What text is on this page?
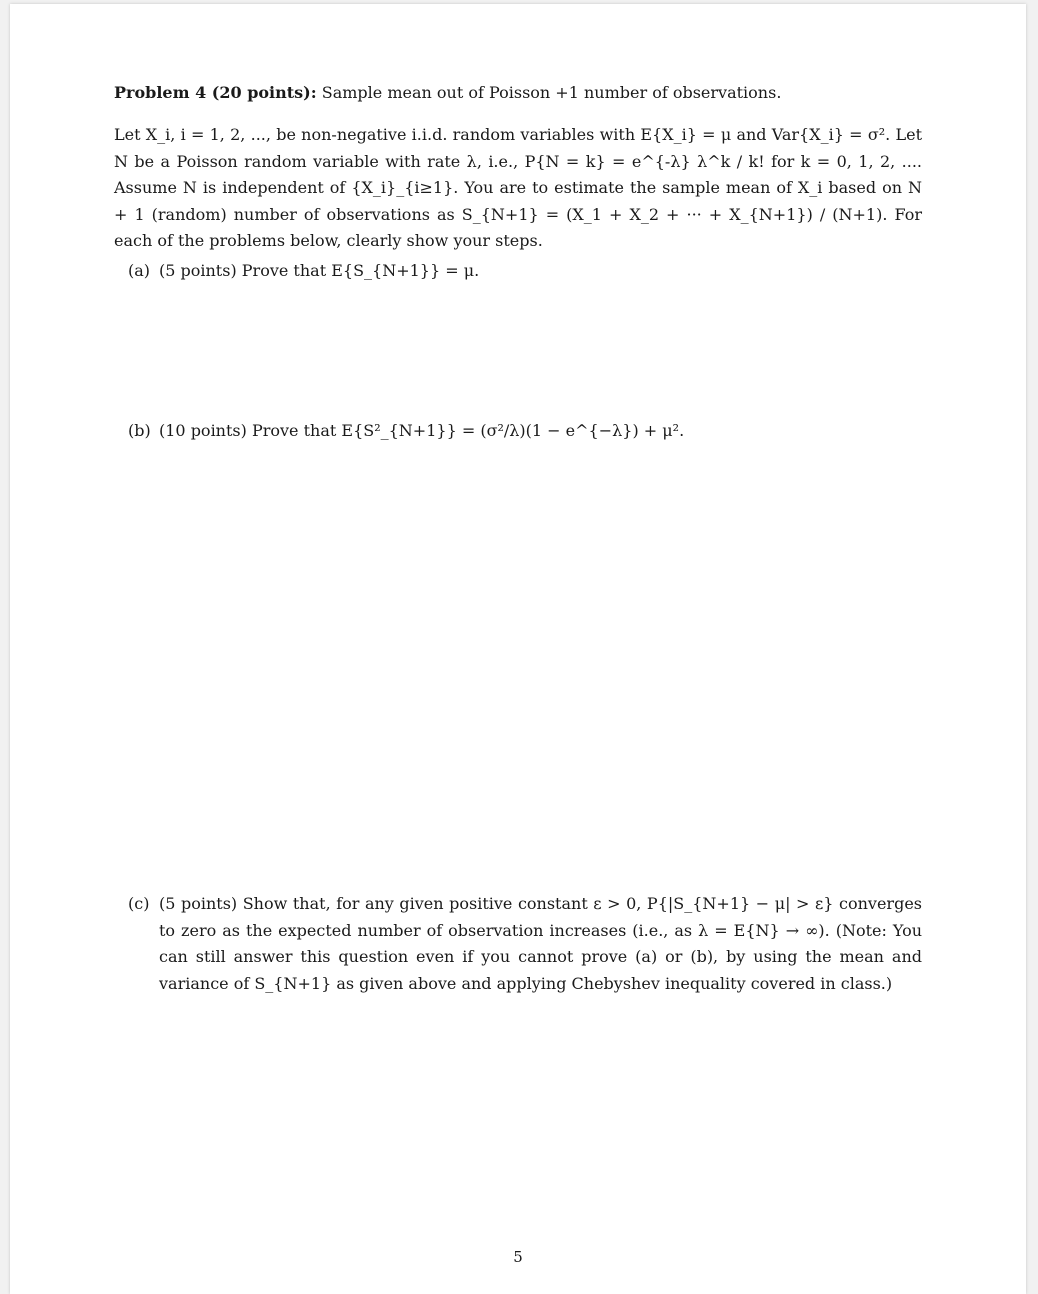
Problem 4 (20 points): Sample mean out of Poisson +1 number of observations.
Let X_i, i = 1, 2, ..., be non-negative i.i.d. random variables with E{X_i} = μ and Var{X_i} = σ². Let N be a Poisson random variable with rate λ, i.e., P{N = k} = e^{-λ} λ^k / k! for k = 0, 1, 2, .... Assume N is independent of {X_i}_{i≥1}. You are to estimate the sample mean of X_i based on N + 1 (random) number of observations as S_{N+1} = (X_1 + X_2 + ··· + X_{N+1}) / (N+1). For each of the problems below, clearly show your steps.
(a) (5 points) Prove that E{S_{N+1}} = μ.
(b) (10 points) Prove that E{S²_{N+1}} = (σ²/λ)(1 − e^{−λ}) + μ².
(c) (5 points) Show that, for any given positive constant ε > 0, P{|S_{N+1} − μ| > ε} converges to zero as the expected number of observation increases (i.e., as λ = E{N} → ∞). (Note: You can still answer this question even if you cannot prove (a) or (b), by using the mean and variance of S_{N+1} as given above and applying Chebyshev inequality covered in class.)
5
